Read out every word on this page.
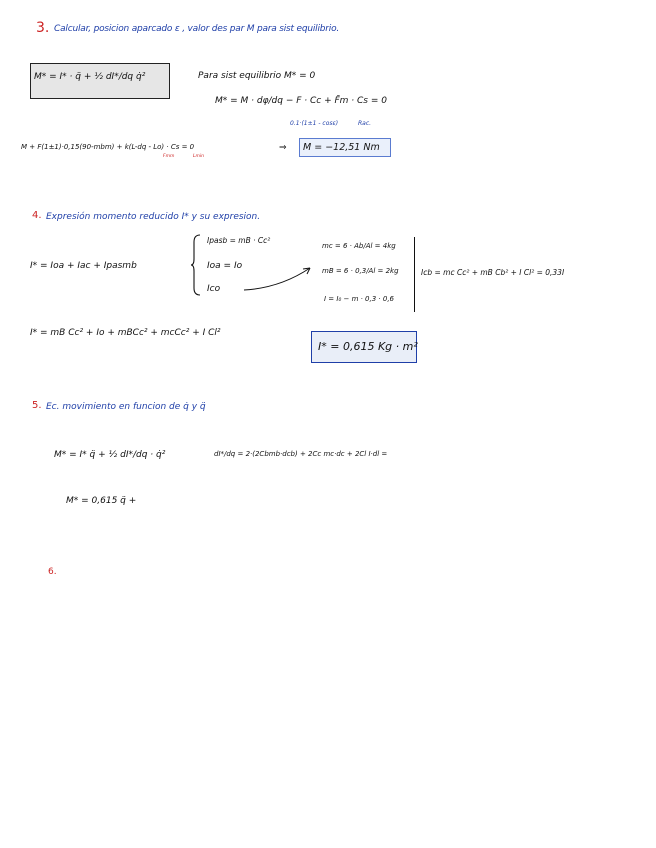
3. Calcular, posicion aparcado ε , valor des par M para sist equilibrio.
M* = I* · q̈ + ½ dI*/dq q̇²	Para sist equilibrio M* = 0
M* = M · dφ/dq − F · Cc + F̄m · Cs = 0
0.1·(1±1 - cosε)	Rac.
M + F(1±1)·0,15(90-mbm) + k(L-dq - Lo) · Cs = 0
Fmm	Lmin
⇒ M = −12,51 Nm
4. Expresión momento reducido I* y su expresion.
I* = Ioa + Iac + Ipasmb
Ipasb = mB · Cc²
Ioa = Io
Ico
mc = 6 · Ab/Al = 4kg
mB = 6 · 0,3/Al = 2kg
I = I₀ − m · 0,3 · 0,6
Icb = mc Cc² + mB Cb² + I Cl² = 0,33I
I* = mB Cc² + Io + mBCc² + mcCc² + I Cl²
I* = 0,615 Kg · m²
5. Ec. movimiento en funcion de q̇ y q̈
M* = I* q̈ + ½ dI*/dq · q̇²	dI*/dq = 2·(2Cbmb·dcb) + 2Cc mc·dc + 2Cl I·dl =
M* = 0,615 q̈ +
6.
